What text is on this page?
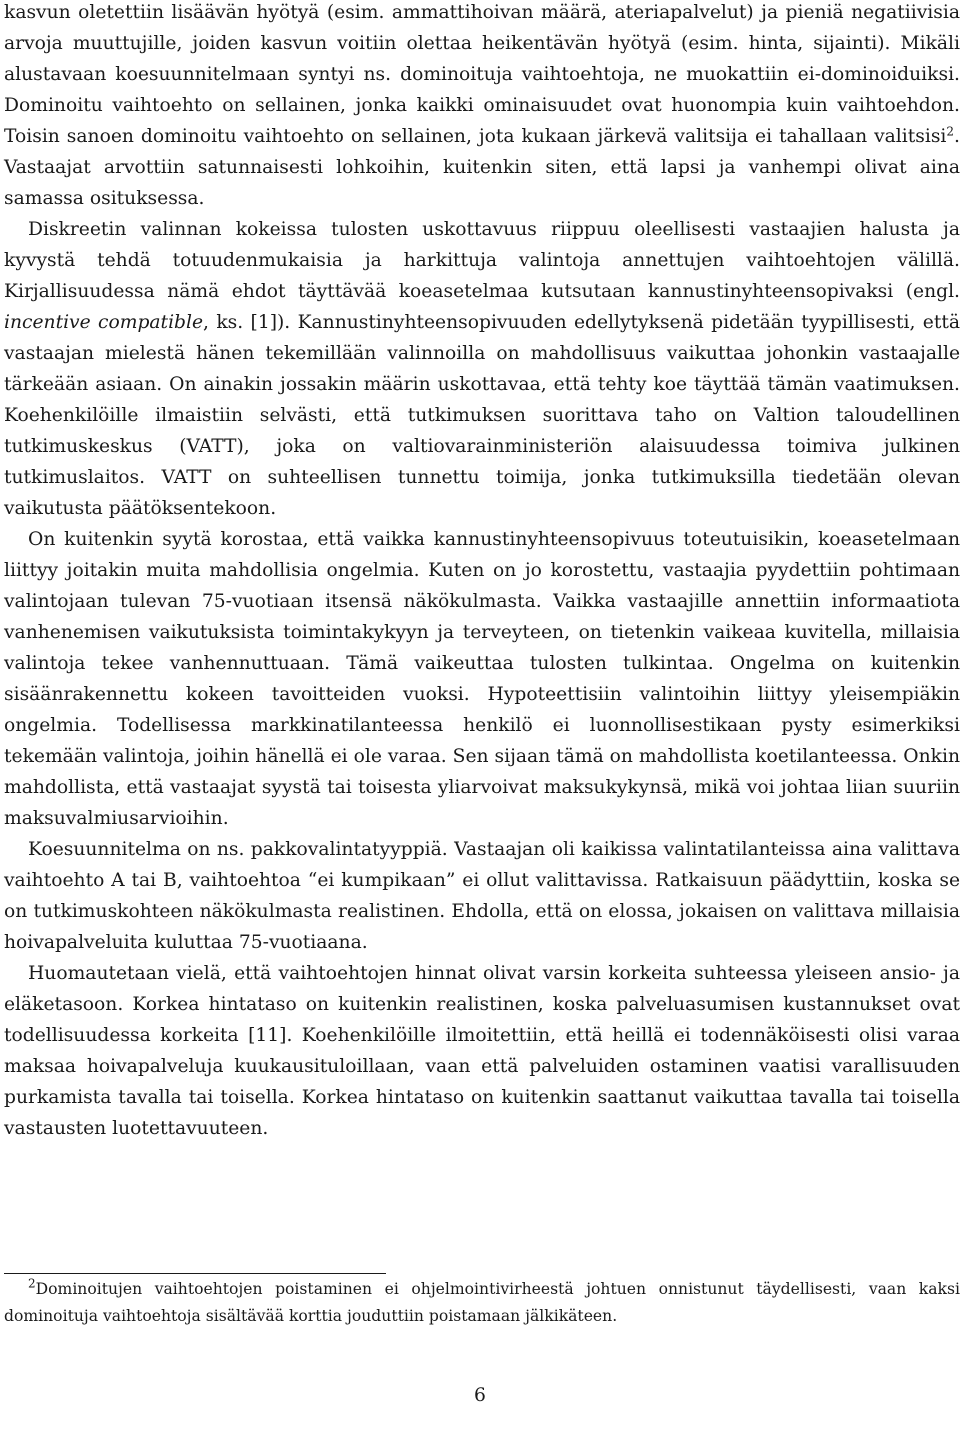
kasvun oletettiin lisäävän hyötyä (esim. ammattihoivan määrä, ateriapalvelut) ja pieniä negatiivisia arvoja muuttujille, joiden kasvun voitiin olettaa heikentävän hyötyä (esim. hinta, sijainti). Mikäli alustavaan koesuunnitelmaan syntyi ns. dominoituja vaihtoehtoja, ne muokattiin ei-dominoiduiksi. Dominoitu vaihtoehto on sellainen, jonka kaikki ominaisuudet ovat huonompia kuin vaihtoehdon. Toisin sanoen dominoitu vaihtoehto on sellainen, jota kukaan järkevä valitsija ei tahallaan valitsisi$^2$. Vastaajat arvottiin satunnaisesti lohkoihin, kuitenkin siten, että lapsi ja vanhempi olivat aina samassa osituksessa.

Diskreetin valinnan kokeissa tulosten uskottavuus riippuu oleellisesti vastaajien halusta ja kyvystä tehdä totuudenmukaisia ja harkittuja valintoja annettujen vaihtoehtojen välillä. Kirjallisuudessa nämä ehdot täyttävää koeasetelmaa kutsutaan kannustinyhteensopivaksi (engl. incentive compatible, ks. [1]). Kannustinyhteensopivuuden edellytyksenä pidetään tyypillisesti, että vastaajan mielestä hänen tekemillään valinnoilla on mahdollisuus vaikuttaa johonkin vastaajalle tärkeään asiaan. On ainakin jossakin määrin uskottavaa, että tehty koe täyttää tämän vaatimuksen. Koehenkilöille ilmaistiin selvästi, että tutkimuksen suorittava taho on Valtion taloudellinen tutkimuskeskus (VATT), joka on valtiovarainministeriön alaisuudessa toimiva julkinen tutkimuslaitos. VATT on suhteellisen tunnettu toimija, jonka tutkimuksilla tiedetään olevan vaikutusta päätöksentekoon.

On kuitenkin syytä korostaa, että vaikka kannustinyhteensopivuus toteutuisikin, koeasetelmaan liittyy joitakin muita mahdollisia ongelmia. Kuten on jo korostettu, vastaajia pyydettiin pohtimaan valintojaan tulevan 75-vuotiaan itsensä näkökulmasta. Vaikka vastaajille annettiin informaatiota vanhenemisen vaikutuksista toimintakykyyn ja terveyteen, on tietenkin vaikeaa kuvitella, millaisia valintoja tekee vanhennuttuaan. Tämä vaikeuttaa tulosten tulkintaa. Ongelma on kuitenkin sisäänrakennettu kokeen tavoitteiden vuoksi. Hypoteettisiin valintoihin liittyy yleisempiäkin ongelmia. Todellisessa markkinatilanteessa henkilö ei luonnollisestikaan pysty esimerkiksi tekemään valintoja, joihin hänellä ei ole varaa. Sen sijaan tämä on mahdollista koetilanteessa. Onkin mahdollista, että vastaajat syystä tai toisesta yliarvoivat maksukykynsä, mikä voi johtaa liian suuriin maksuvalmiusarvioihin.

Koesuunnitelma on ns. pakkovalintatyyppiä. Vastaajan oli kaikissa valintatilanteissa aina valittava vaihtoehto A tai B, vaihtoehtoa “ei kumpikaan” ei ollut valittavissa. Ratkaisuun päädyttiin, koska se on tutkimuskohteen näkökulmasta realistinen. Ehdolla, että on elossa, jokaisen on valittava millaisia hoivapalveluita kuluttaa 75-vuotiaana.

Huomautetaan vielä, että vaihtoehtojen hinnat olivat varsin korkeita suhteessa yleiseen ansio- ja eläketasoon. Korkea hintataso on kuitenkin realistinen, koska palveluasumisen kustannukset ovat todellisuudessa korkeita [11]. Koehenkilöille ilmoitettiin, että heillä ei todennäköisesti olisi varaa maksaa hoivapalveluja kuukausituloillaan, vaan että palveluiden ostaminen vaatisi varallisuuden purkamista tavalla tai toisella. Korkea hintataso on kuitenkin saattanut vaikuttaa tavalla tai toisella vastausten luotettavuuteen.

$^2$Dominoitujen vaihtoehtojen poistaminen ei ohjelmointivirheestä johtuen onnistunut täydellisesti, vaan kaksi dominoituja vaihtoehtoja sisältävää korttia jouduttiin poistamaan jälkikäteen.

6
